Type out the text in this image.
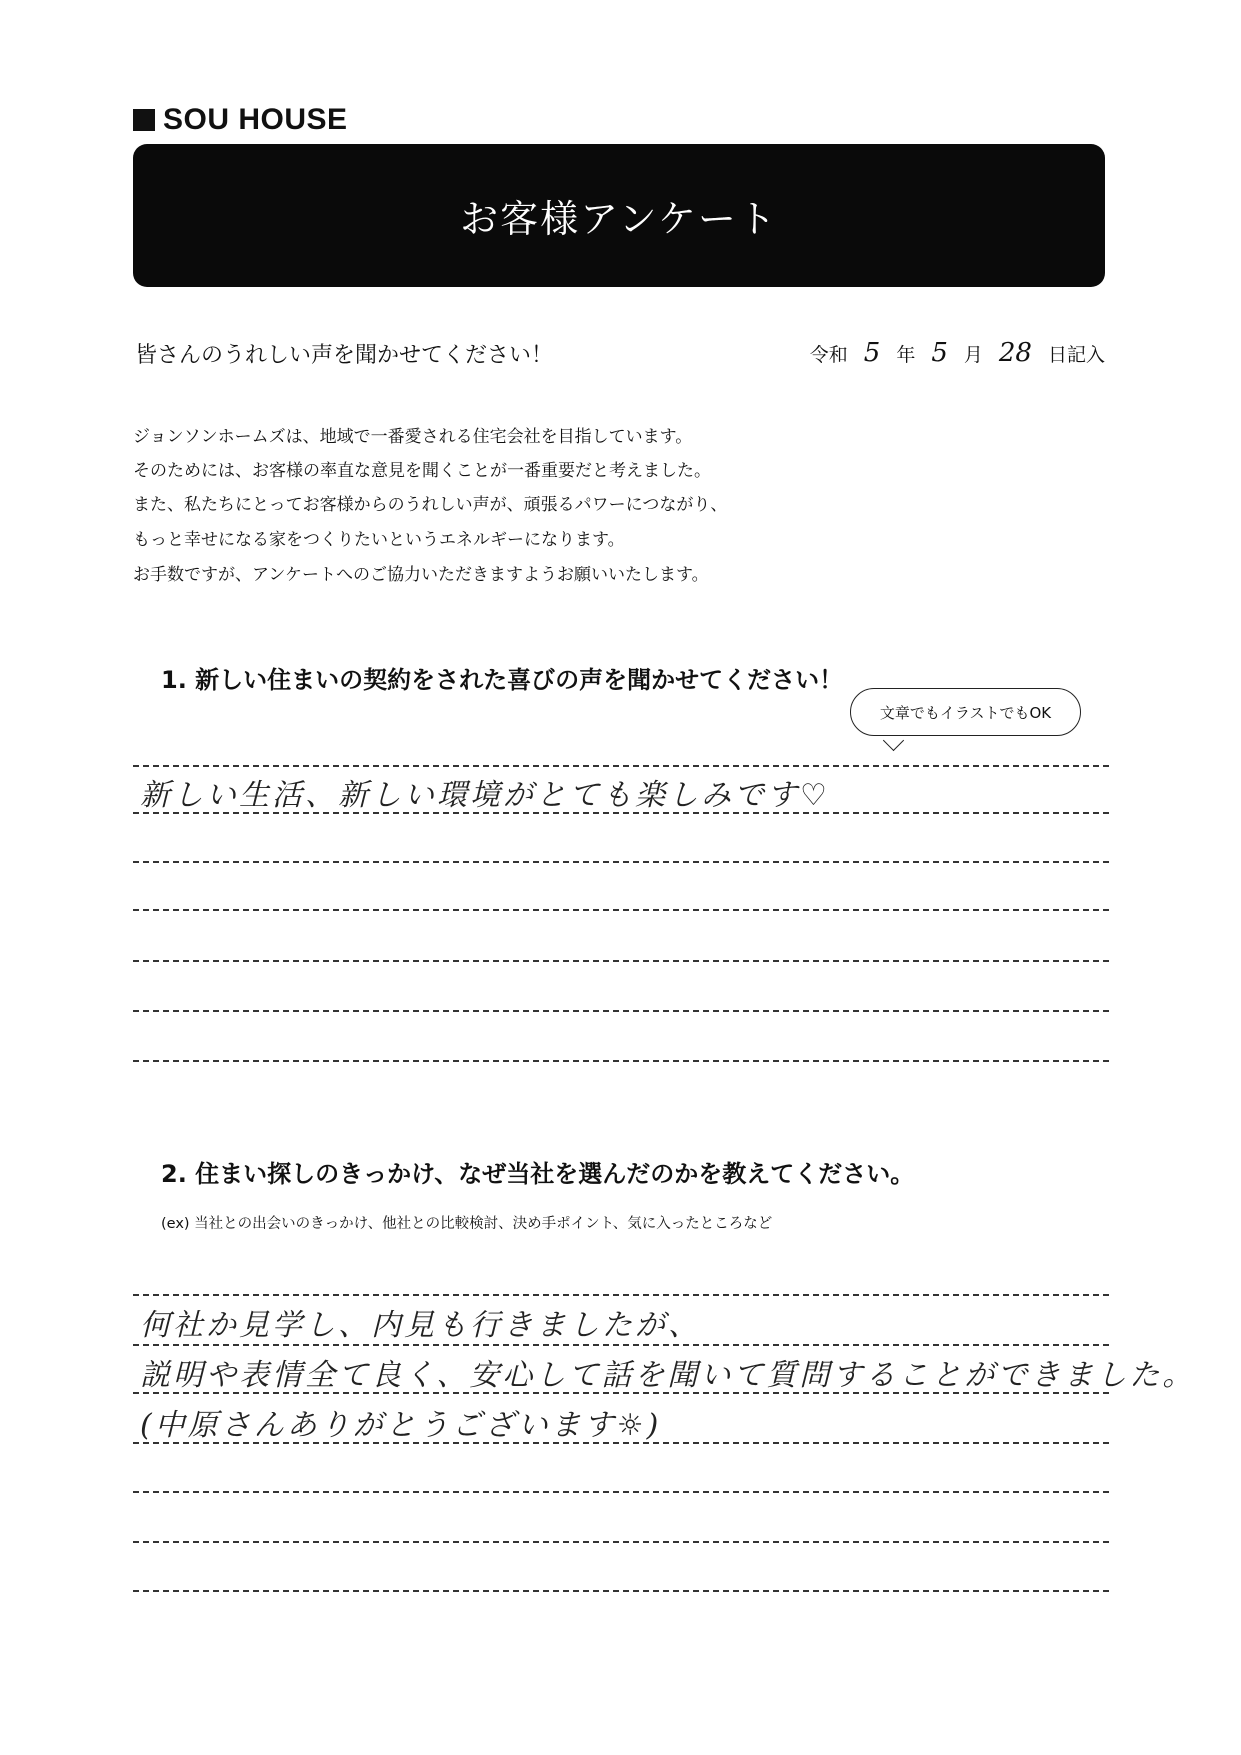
SOU HOUSE
お客様アンケート
皆さんのうれしい声を聞かせてください！	令和 5 年 5 月 28 日記入
ジョンソンホームズは、地域で一番愛される住宅会社を目指しています。
そのためには、お客様の率直な意見を聞くことが一番重要だと考えました。
また、私たちにとってお客様からのうれしい声が、頑張るパワーにつながり、
もっと幸せになる家をつくりたいというエネルギーになります。
お手数ですが、アンケートへのご協力いただきますようお願いいたします。
1. 新しい住まいの契約をされた喜びの声を聞かせてください！
文章でもイラストでもOK
新しい生活、新しい環境がとても楽しみです♡
2. 住まい探しのきっかけ、なぜ当社を選んだのかを教えてください。
(ex) 当社との出会いのきっかけ、他社との比較検討、決め手ポイント、気に入ったところなど
何社か見学し、内見も行きましたが、
説明や表情全て良く、安心して話を聞いて質問することができました。
(中原さんありがとうございます☼)
